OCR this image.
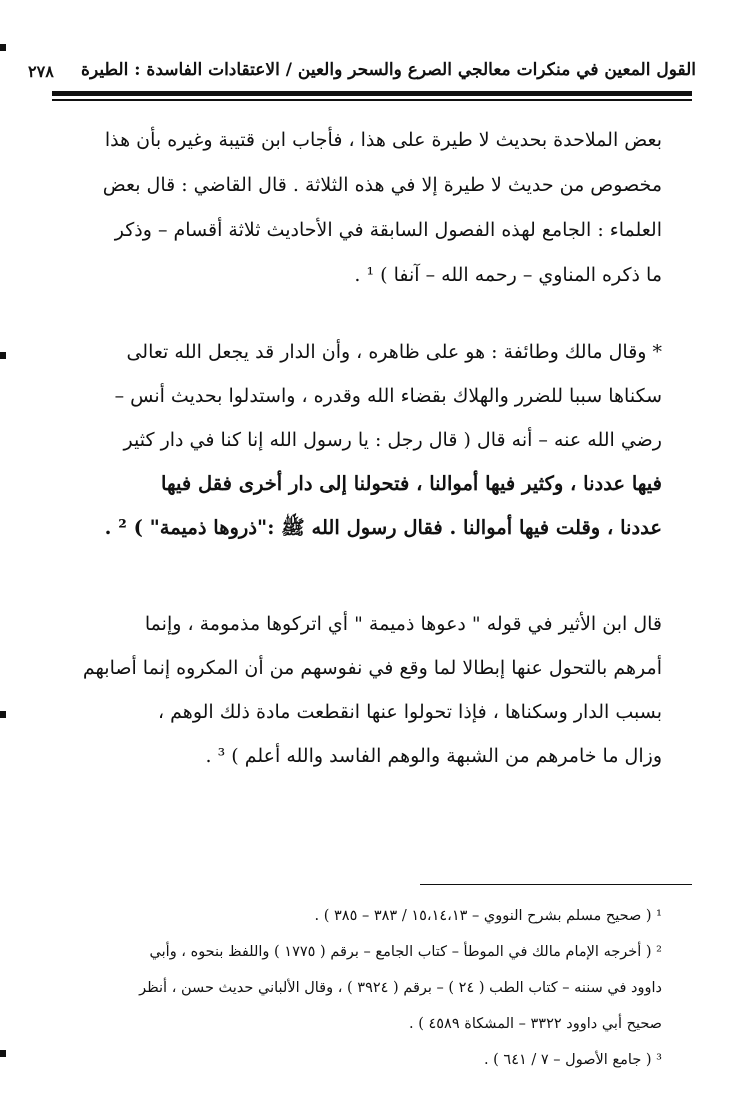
القول المعين في منكرات معالجي الصرع والسحر والعين / الاعتقادات الفاسدة : الطيرة
٢٧٨
بعض الملاحدة بحديث لا طيرة على هذا ، فأجاب ابن قتيبة وغيره بأن هذا
مخصوص من حديث لا طيرة إلا في هذه الثلاثة . قال القاضي : قال بعض
العلماء : الجامع لهذه الفصول السابقة في الأحاديث ثلاثة أقسام – وذكر
ما ذكره المناوي – رحمه الله – آنفا ) ¹ .
* وقال مالك وطائفة : هو على ظاهره ، وأن الدار قد يجعل الله تعالى
سكناها سببا للضرر والهلاك بقضاء الله وقدره ، واستدلوا بحديث أنس –
رضي الله عنه – أنه قال ( قال رجل : يا رسول الله إنا كنا في دار كثير
فيها عددنا ، وكثير فيها أموالنا ، فتحولنا إلى دار أخرى فقل فيها
عددنا ، وقلت فيها أموالنا . فقال رسول الله ﷺ :"ذروها ذميمة" ) ² .
قال ابن الأثير في قوله " دعوها ذميمة " أي اتركوها مذمومة ، وإنما
أمرهم بالتحول عنها إبطالا لما وقع في نفوسهم من أن المكروه إنما أصابهم
بسبب الدار وسكناها ، فإذا تحولوا عنها انقطعت مادة ذلك الوهم ،
وزال ما خامرهم من الشبهة والوهم الفاسد والله أعلم ) ³ .
¹ ( صحيح مسلم بشرح النووي – ١٥،١٤،١٣ / ٣٨٣ – ٣٨٥ ) .
² ( أخرجه الإمام مالك في الموطأ – كتاب الجامع – برقم ( ١٧٧٥ ) واللفظ بنحوه ، وأبي
داوود في سننه – كتاب الطب ( ٢٤ ) – برقم ( ٣٩٢٤ ) ، وقال الألباني حديث حسن ، أنظر
صحيح أبي داوود ٣٣٢٢ – المشكاة ٤٥٨٩ ) .
³ ( جامع الأصول – ٧ / ٦٤١ ) .
